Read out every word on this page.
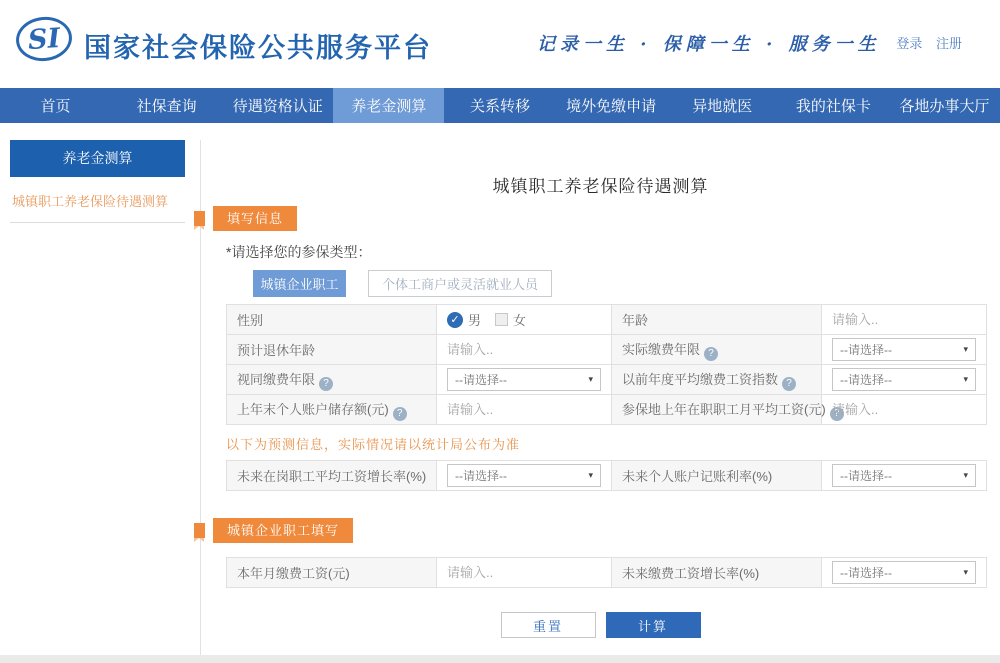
SI 国家社会保险公共服务平台	记录一生 · 保障一生 · 服务一生	登录 注册
首页	社保查询	待遇资格认证	养老金测算	关系转移	境外免缴申请	异地就医	我的社保卡	各地办事大厅
养老金测算
城镇职工养老保险待遇测算
城镇职工养老保险待遇测算
填写信息
*请选择您的参保类型：
城镇企业职工	个体工商户或灵活就业人员
性别	✓ 男 女	年龄	请输入..
预计退休年龄	请输入..	实际缴费年限 ?	--请选择-- ▾

视同缴费年限 ?	--请选择-- ▾	以前年度平均缴费工资指数 ?	--请选择-- ▾

上年末个人账户储存额(元) ?	请输入..	参保地上年在职职工月平均工资(元)	请输入..
以下为预测信息，实际情况请以统计局公布为准
未来在岗职工平均工资增长率(%)	--请选择--	▾	未来个人账户记账利率(%)	--请选择--	▾
城镇企业职工填写
本年月缴费工资(元)	请输入..	未来缴费工资增长率(%)	--请选择--	▾
重置	计算
